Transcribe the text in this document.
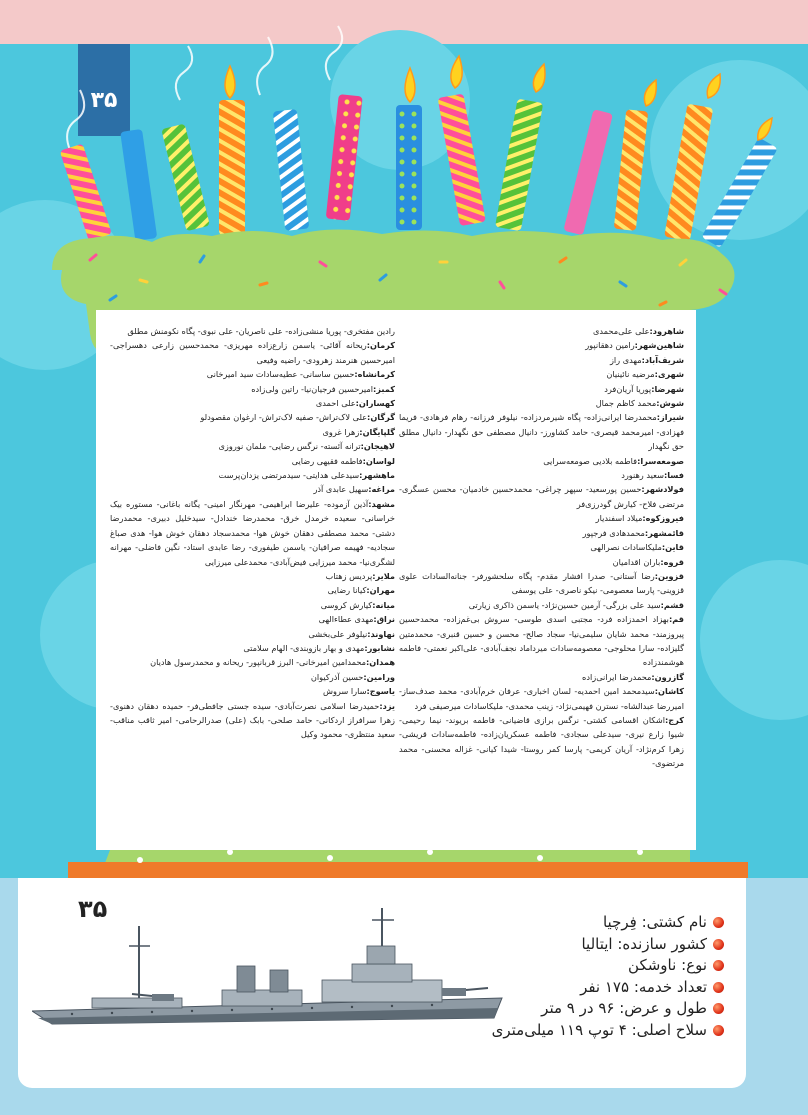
۳۵

شاهرود:علی علی‌محمدی

شاهین‌شهر:رامین دهقانپور

شریف‌آباد:مهدی راز

شهری:مرضیه نائینیان

شهرضا:پوریا آریان‌فرد

شوش:محمد کاظم جمال

شیراز:محمدرضا ایرانی‌زاده- پگاه شیرمردزاده- نیلوفر فرزانه- رهام فرهادی- فریما فهزادی- امیرمحمد قیصری- حامد کشاورز- دانیال مصطفی حق نگهدار- دانیال مطلق حق نگهدار

صومعه‌سرا:فاطمه بلادیی صومعه‌سرایی

فسا:سعید رهنورد

فولادشهر:حسین پورسعید- سپهر چراغی- محمدحسین خادمیان- محسن عسگری- مرتضی فلاح- کیارش گودرزی‌فر

فیروزکوه:میلاد اسفندیار

قائمشهر:محمدهادی فرجپور

قاین:ملیکاسادات نصرالهی

قروه:باران اقدامیان

قزوین:رضا آستانی- صدرا افشار مقدم- پگاه سلحشورفر- جنانه‌السادات علوی قزوینی- پارسا معصومی- نیکو ناصری- علی یوسفی

قشم:سید علی بزرگی- آرمین حسین‌نژاد- یاسمن ذاکری زیارتی

قم:بهزاد احمدزاده فرد- مجتبی اسدی طوسی- سروش بی‌غم‌زاده- محمدحسین پیروزمند- محمد شایان سلیمی‌نیا- سجاد صالح- محسن و حسین قنبری- محمدمتین گلیزاده- سارا محلوجی- معصومه‌سادات میرداماد نجف‌آبادی- علی‌اکبر نعمتی- فاطمه هوشمندزاده

گازرون:محمدرضا ایرانی‌زاده

کاشان:سیدمحمد امین احمدیه- لسان اخباری- عرفان خرم‌آبادی- محمد صدف‌ساز- امیررضا عبدالشاه- نسترن فهیمی‌نژاد- زینب محمدی- ملیکاسادات میرصیفی فرد

کرج:اشکان اقسامی کشتی- نرگس برازی قاضیانی- فاطمه بریوند- نیما رحیمی- شیوا زارع نیری- سیدعلی سجادی- فاطمه عسکریان‌زاده- فاطمه‌سادات قریشی- زهرا کرم‌نژاد- آریان کریمی- پارسا کمر روستا- شیدا کیانی- غزاله محسنی- محمد مرتضوی-

رادین مفتخری- پوریا منشی‌زاده- علی ناصریان- علی نبوی- پگاه نکومنش مطلق

کرمان:ریحانه آقائی- یاسمن زارع‌زاده مهریزی- محمدحسین زارعی دهسراجی- امیرحسین هنرمند زهرودی- راضیه وفیعی

کرمانشاه:حسین ساسانی- عطیه‌سادات سید امیرخانی

کمبز:امیرحسین فرجیان‌نیا- راتین ولی‌زاده

کهساران:علی احمدی

گرگان:علی لاک‌تراش- صفیه لاک‌تراش- ارغوان مقصودلو

گلپایگان:زهرا غروی

لاهیجان:ترانه آئسته- نرگس رضایی- ملمان نوروزی

لواسان:فاطمه فقیهی رضایی

ماهشهر:سیدعلی هدایتی- سیدمرتضی یزدان‌پرست

مراغه:سهیل عابدی آذر

مشهد:آذین آزموده- علیرضا ابراهیمی- مهرنگار امینی- یگانه باغانی- مستوره بیک خراسانی- سعیده خرمدل خرق- محمدرضا خندادل- سیدخلیل دبیری- محمدرضا دشتی- محمد مصطفی دهقان خوش هوا- محمدسجاد دهقان خوش هوا- هدی صباغ سجادیه- فهیمه صرافیان- یاسمن طیفوری- رضا عابدی استاد- نگین فاضلی- مهرانه لشگری‌نیا- محمد میرزایی فیض‌آبادی- محمدعلی میرزایی

ملایر:پردیس زهتاب

مهران:کیانا رضایی

میانه:کیارش کروسی

نراق:مهدی عطاءالهی

نهاوند:نیلوفر علی‌بخشی

نشابور:مهدی و بهار بازوبندی- الهام سلامتی

همدان:محمدامین امیرخانی- البرز قربانپور- ریحانه و محمدرسول هادیان

ورامین:حسین آذرکیوان

یاسوج:سارا سروش

یزد:حمیدرضا اسلامی نصرت‌آبادی- سیده جستی جافطی‌فر- حمیده دهقان دهنوی- زهرا سرافراز اردکانی- حامد صلحی- بابک (علی) صدرالرحامی- امیر ثاقب مناقب- سعید منتظری- محمود وکیل

۳۵	نام کشتی: فِرچیا
کشور سازنده: ایتالیا
نوع: ناوشکن
تعداد خدمه: ۱۷۵ نفر
طول و عرض: ۹۶ در ۹ متر
سلاح اصلی: ۴ توپ ۱۱۹ میلی‌متری
